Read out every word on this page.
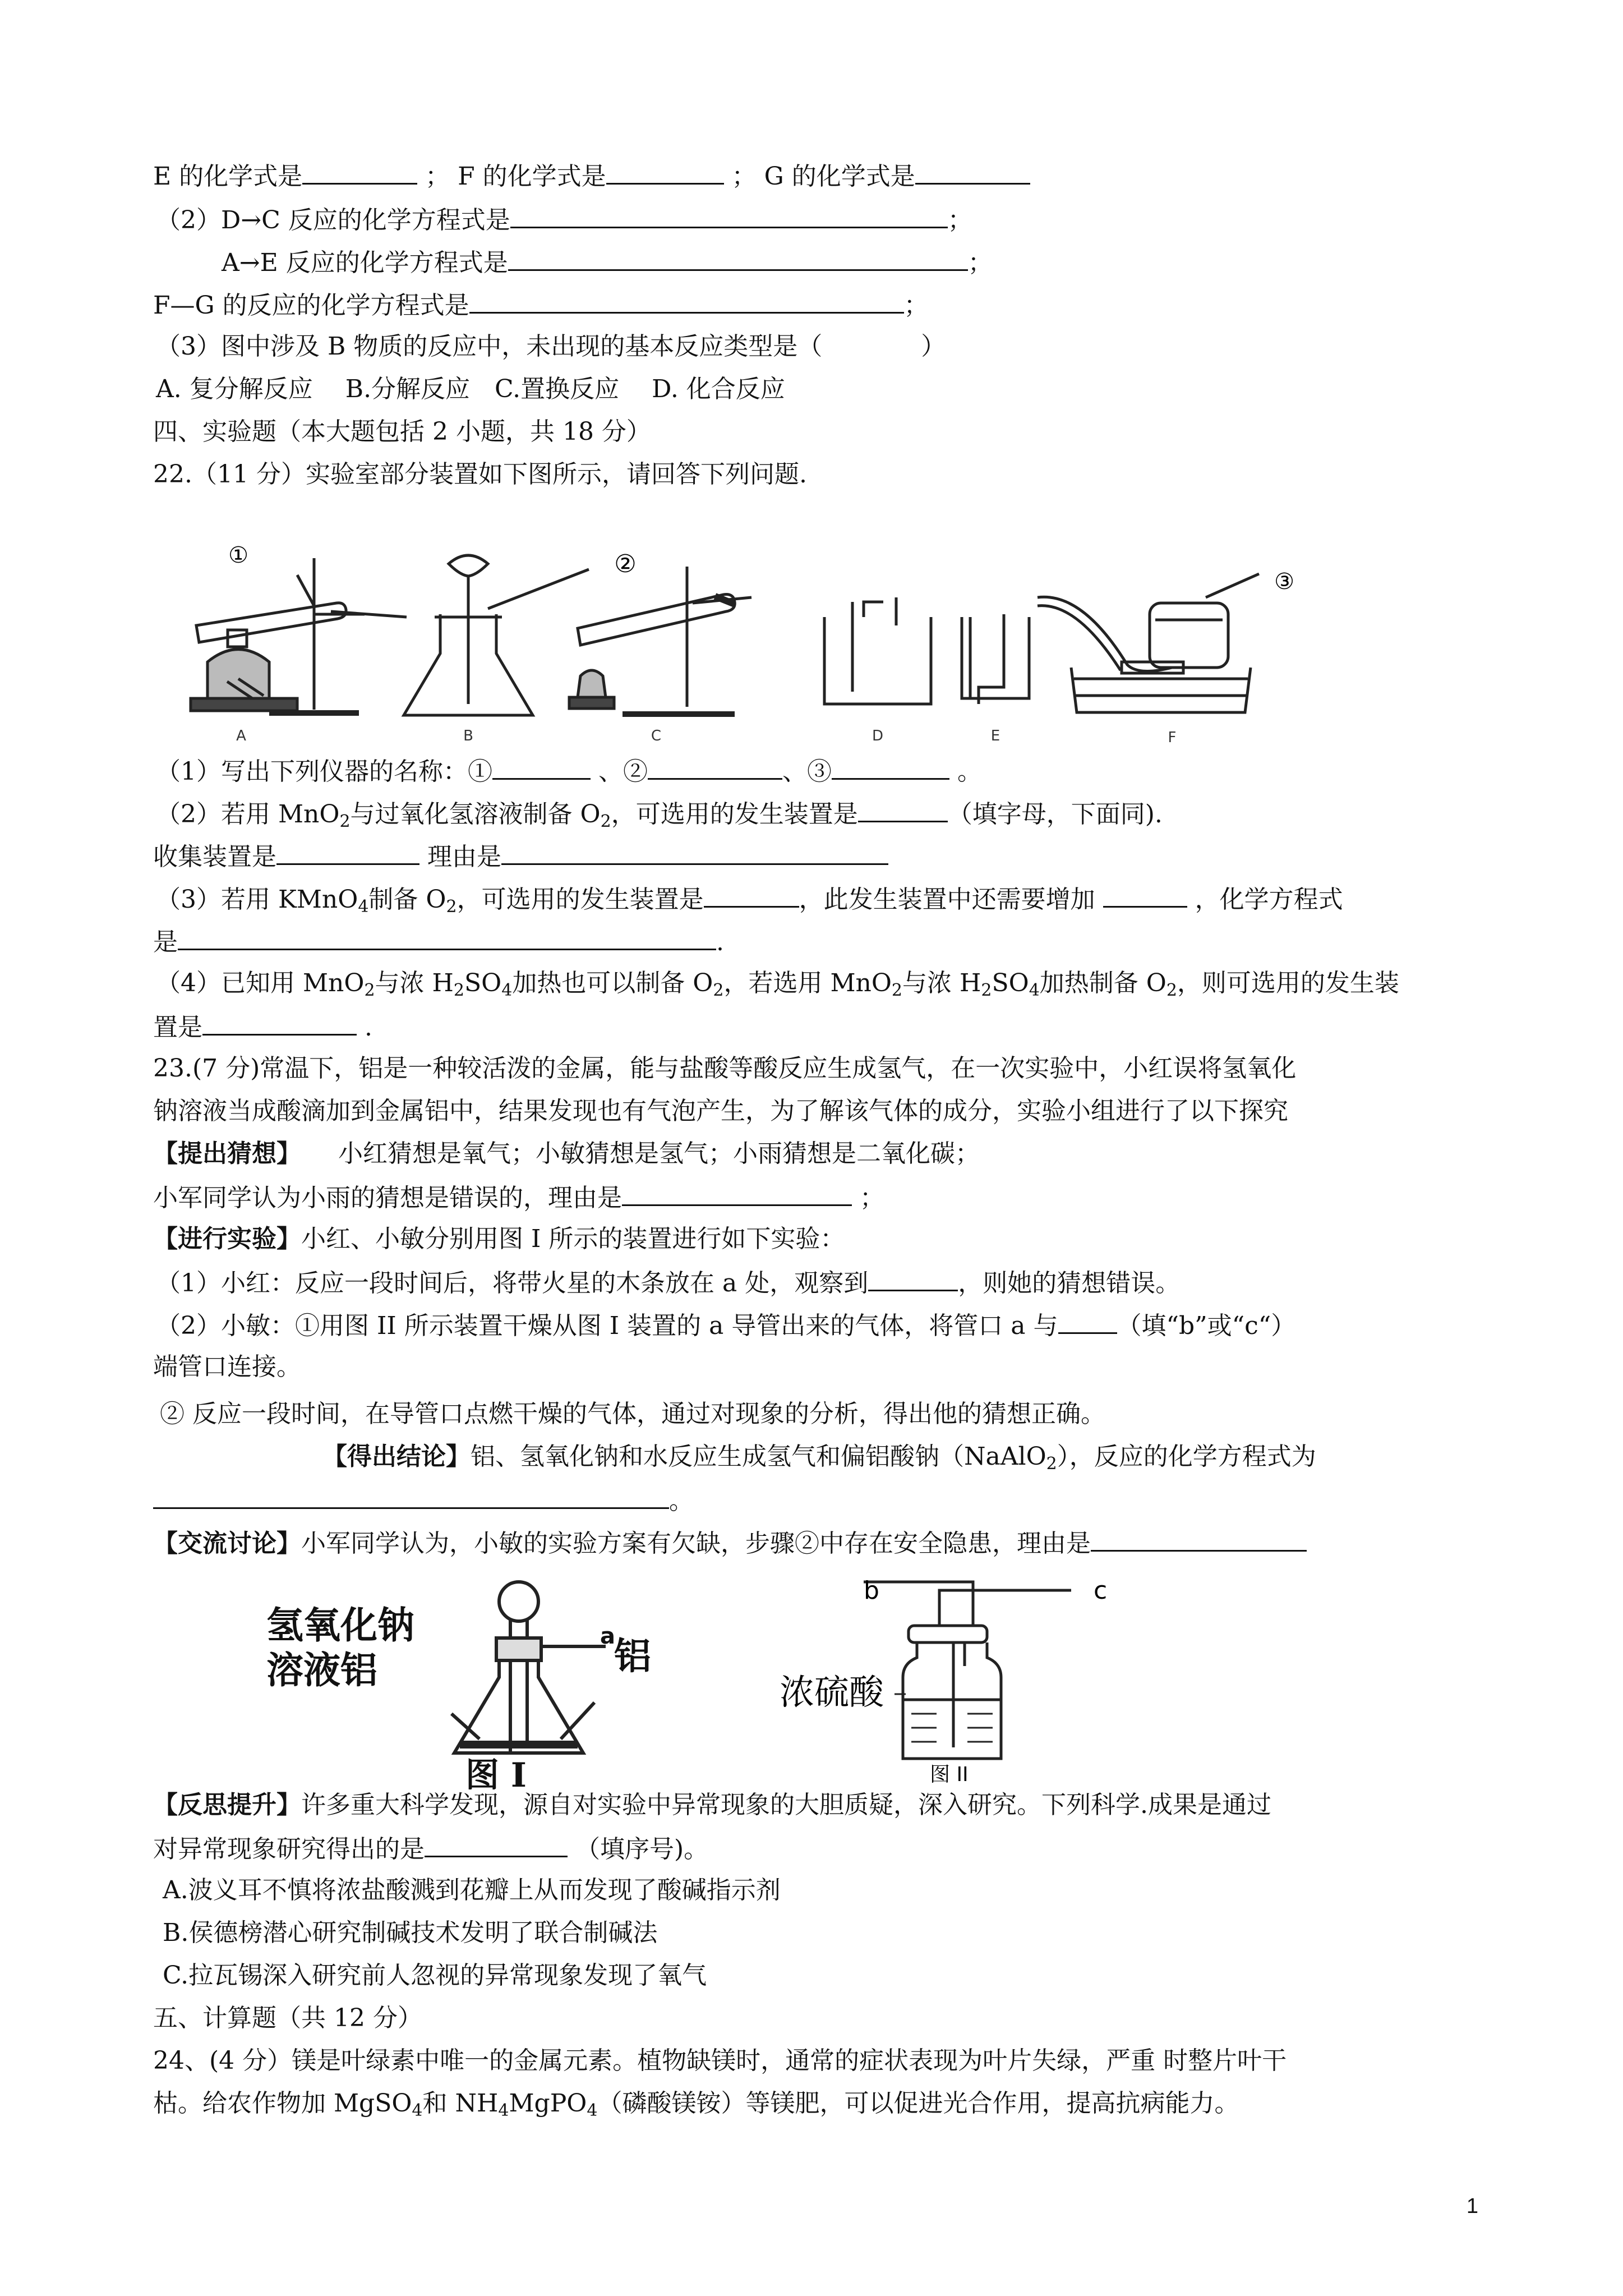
E 的化学式是	； F 的化学式是	； G 的化学式是
（2）D→C 反应的化学方程式是	；
A→E 反应的化学方程式是	；
F—G 的反应的化学方程式是	；
（3）图中涉及 B 物质的反应中，未出现的基本反应类型是（　　　　）
A. 复分解反应　 B.分解反应　C.置换反应　 D. 化合反应
四、实验题（本大题包括 2 小题，共 18 分）
22.（11 分）实验室部分装置如下图所示，请回答下列问题.
①	②
③
A	B	C	D	E	F
（1）写出下列仪器的名称：①	、②	、③	。
（2）若用 MnO$_2$与过氧化氢溶液制备 $O_2$，可选用的发生装置是	（填字母，下面同).
收集装置是	理由是
（3）若用 KMnO$_4$制备 $O_2$，可选用的发生装置是	，此发生装置中还需要增加	，化学方程式
是	.
（4）已知用 MnO$_2$与浓 $H_2SO_4$加热也可以制备 $O_2$，若选用 MnO$_2$与浓 $H_2SO_4$加热制备 $O_2$，则可选用的发生装
置是	.
23.(7 分)常温下，铝是一种较活泼的金属，能与盐酸等酸反应生成氢气，在一次实验中，小红误将氢氧化
钠溶液当成酸滴加到金属铝中，结果发现也有气泡产生，为了解该气体的成分，实验小组进行了以下探究
【提出猜想】　　 小红猜想是氧气；小敏猜想是氢气；小雨猜想是二氧化碳；
小军同学认为小雨的猜想是错误的，理由是	；
【进行实验】小红、小敏分别用图 I 所示的装置进行如下实验：
（1）小红：反应一段时间后，将带火星的木条放在 a 处，观察到	，则她的猜想错误。
（2）小敏：①用图 II 所示装置干燥从图 I 装置的 a 导管出来的气体，将管口 a 与 （填“b”或“c“）
端管口连接。
② 反应一段时间，在导管口点燃干燥的气体，通过对现象的分析，得出他的猜想正确。
【得出结论】铝、氢氧化钠和水反应生成氢气和偏铝酸钠（NaAlO$_2$），反应的化学方程式为
。
【交流讨论】小军同学认为，小敏的实验方案有欠缺，步骤②中存在安全隐患，理由是
氢氧化钠
溶液铝	铝
a
图 I
b	c
浓硫酸
图 II
【反思提升】许多重大科学发现，源自对实验中异常现象的大胆质疑，深入研究。下列科学.成果是通过
对异常现象研究得出的是	（填序号)。
A.波义耳不慎将浓盐酸溅到花瓣上从而发现了酸碱指示剂
B.侯德榜潜心研究制碱技术发明了联合制碱法
C.拉瓦锡深入研究前人忽视的异常现象发现了氧气
五、计算题（共 12 分）
24、(4 分）镁是叶绿素中唯一的金属元素。植物缺镁时，通常的症状表现为叶片失绿，严重 时整片叶干
枯。给农作物加 MgSO$_4$和 $NH_4MgPO_4$（磷酸镁铵）等镁肥，可以促进光合作用，提高抗病能力。
1
